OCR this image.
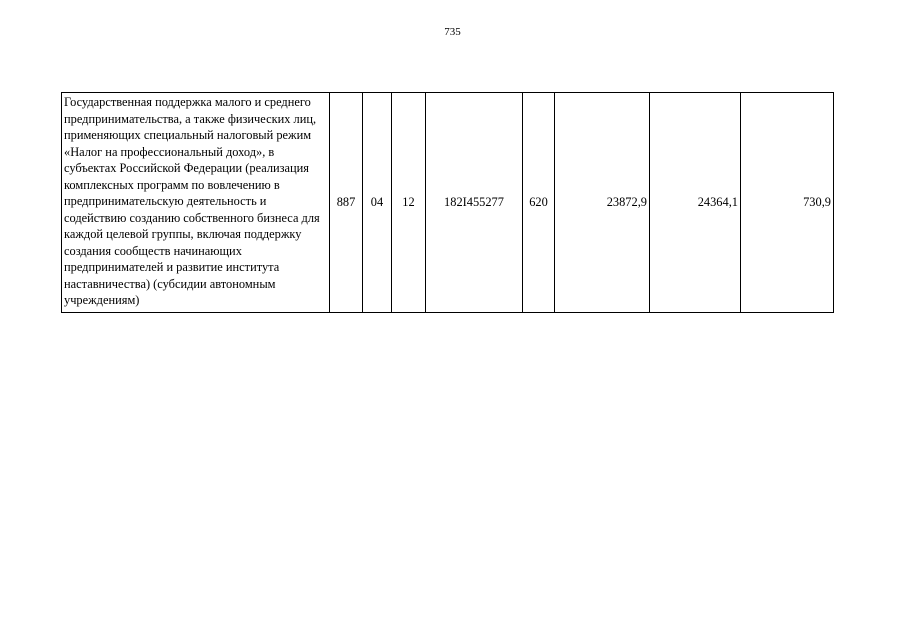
735
Государственная поддержка малого и среднего предпринимательства, а также физических лиц, применяющих специальный налоговый режим «Налог на профессиональный доход», в субъектах Российской Федерации (реализация комплексных программ по вовлечению в предпринимательскую деятельность и содействию созданию собственного бизнеса для каждой целевой группы, включая поддержку создания сообществ начинающих предпринимателей и развитие института наставничества) (субсидии автономным учреждениям)	887	04	12	182I455277	620	23872,9	24364,1	730,9
